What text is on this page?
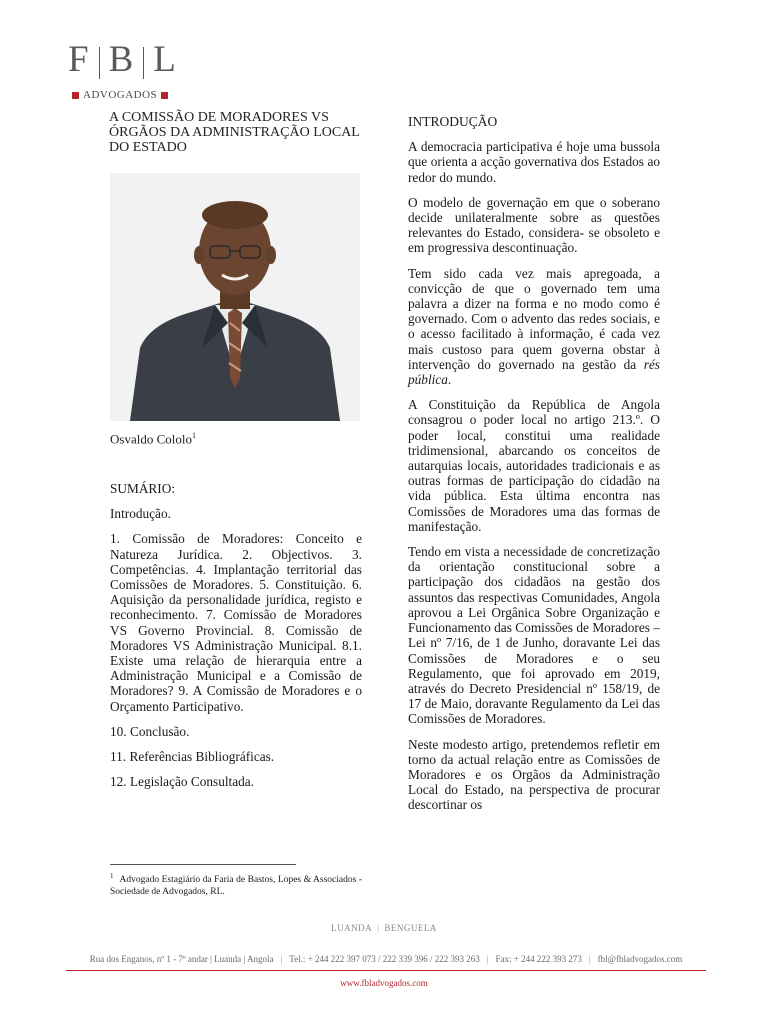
F B L
ADVOGADOS
A COMISSÃO DE MORADORES VS ÓRGÃOS DA ADMINISTRAÇÃO LOCAL DO ESTADO
Osvaldo Cololo$^1$

SUMÁRIO:

Introdução.

1. Comissão de Moradores: Conceito e Natureza Jurídica. 2. Objectivos. 3. Competências. 4. Implantação territorial das Comissões de Moradores. 5. Constituição. 6. Aquisição da personalidade jurídica, registo e reconhecimento. 7. Comissão de Moradores VS Governo Provincial. 8. Comissão de Moradores VS Administração Municipal. 8.1. Existe uma relação de hierarquia entre a Administração Municipal e a Comissão de Moradores? 9. A Comissão de Moradores e o Orçamento Participativo.

10. Conclusão.

11. Referências Bibliográficas.

12. Legislação Consultada.

INTRODUÇÃO

A democracia participativa é hoje uma bussola que orienta a acção governativa dos Estados ao redor do mundo.

O modelo de governação em que o soberano decide unilateralmente sobre as questões relevantes do Estado, considera- se obsoleto e em progressiva descontinuação.

Tem sido cada vez mais apregoada, a convicção de que o governado tem uma palavra a dizer na forma e no modo como é governado. Com o advento das redes sociais, e o acesso facilitado à informação, é cada vez mais custoso para quem governa obstar à intervenção do governado na gestão da rés pública.

A Constituição da República de Angola consagrou o poder local no artigo 213.º. O poder local, constitui uma realidade tridimensional, abarcando os conceitos de autarquias locais, autoridades tradicionais e as outras formas de participação do cidadão na vida pública. Esta última encontra nas Comissões de Moradores uma das formas de manifestação.

Tendo em vista a necessidade de concretização da orientação constitucional sobre a participação dos cidadãos na gestão dos assuntos das respectivas Comunidades, Angola aprovou a Lei Orgânica Sobre Organização e Funcionamento das Comissões de Moradores – Lei nº 7/16, de 1 de Junho, doravante Lei das Comissões de Moradores e o seu Regulamento, que foi aprovado em 2019, através do Decreto Presidencial nº 158/19, de 17 de Maio, doravante Regulamento da Lei das Comissões de Moradores.

Neste modesto artigo, pretendemos refletir em torno da actual relação entre as Comissões de Moradores e os Orgãos da Administração Local do Estado, na perspectiva de procurar descortinar os

$^1$ Advogado Estagiário da Faria de Bastos, Lopes & Associados - Sociedade de Advogados, RL.
LUANDA | BENGUELA
Rua dos Enganos, nº 1 - 7º andar | Luanda | Angola | Tel.: + 244 222 397 073 / 222 339 396 / 222 393 263 | Fax: + 244 222 393 273 | fbl@fbladvogados.com
www.fbladvogados.com
